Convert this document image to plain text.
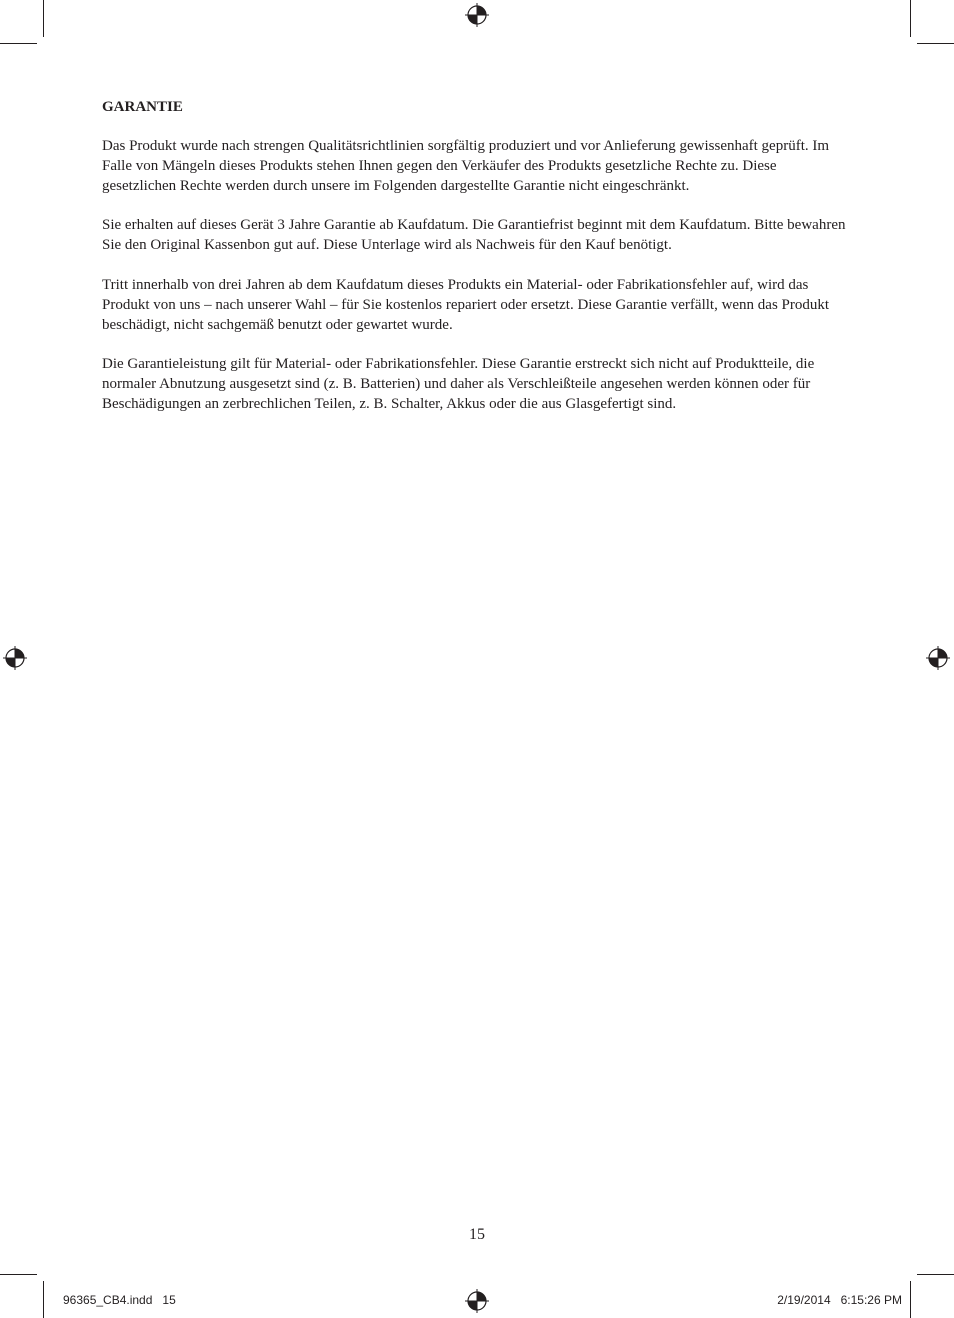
GARANTIE

Das Produkt wurde nach strengen Qualitätsrichtlinien sorgfältig produziert und vor Anlieferung gewissenhaft geprüft. Im Falle von Mängeln dieses Produkts stehen Ihnen gegen den Verkäufer des Produkts gesetzliche Rechte zu. Diese gesetzlichen Rechte werden durch unsere im Folgenden dargestellte Garantie nicht eingeschränkt.

Sie erhalten auf dieses Gerät 3 Jahre Garantie ab Kaufdatum. Die Garantiefrist beginnt mit dem Kaufdatum. Bitte bewahren Sie den Original Kassenbon gut auf. Diese Unterlage wird als Nachweis für den Kauf benötigt.

Tritt innerhalb von drei Jahren ab dem Kaufdatum dieses Produkts ein Material- oder Fabrikationsfehler auf, wird das Produkt von uns – nach unserer Wahl – für Sie kostenlos repariert oder ersetzt. Diese Garantie verfällt, wenn das Produkt beschädigt, nicht sachgemäß benutzt oder gewartet wurde.

Die Garantieleistung gilt für Material- oder Fabrikationsfehler. Diese Garantie erstreckt sich nicht auf Produktteile, die normaler Abnutzung ausgesetzt sind (z. B. Batterien) und daher als Verschleißteile angesehen werden können oder für Beschädigungen an zerbrechlichen Teilen, z. B. Schalter, Akkus oder die aus Glasgefertigt sind.

15
96365_CB4.indd   15	2/19/2014   6:15:26 PM
